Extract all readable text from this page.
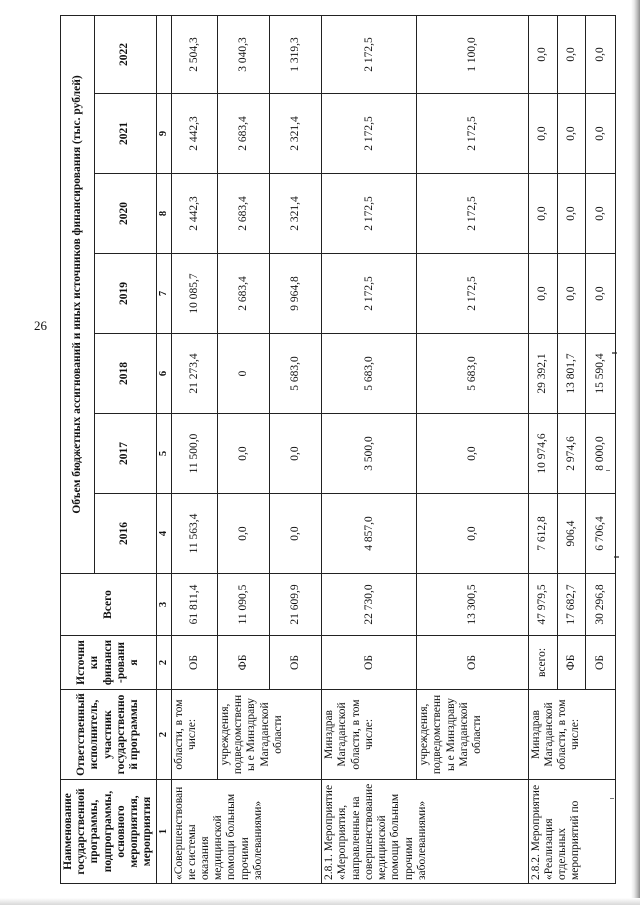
26
Наименование государственной программы, подпрограммы, основного мероприятия, мероприятия	Ответственный исполнитель, участник государственной программы	Источники финанси-рования	Всего	Объем бюджетных ассигнований и иных источников финансирования (тыс. рублей)						
				2016	2017	2018	2019	2020	2021	2022
1	2	2	3	4	5	6	7	8	9	
«Совершенствование системы оказания медицинской помощи больным прочими заболеваниями»	области, в том числе:	ОБ	61 811,4	11 563,4	11 500,0	21 273,4	10 085,7	2 442,3	2 442,3	2 504,3
	учреждения, подведомственны е Минздраву Магаданской области	ФБ	11 090,5	0,0	0,0	0	2 683,4	2 683,4	2 683,4	3 040,3
		ОБ	21 609,9	0,0	0,0	5 683,0	9 964,8	2 321,4	2 321,4	1 319,3
2.8.1. Мероприятие «Мероприятия, направленные на совершенствование медицинской помощи больным прочими заболеваниями»	Минздрав Магаданской области, в том числе:	ОБ	22 730,0	4 857,0	3 500,0	5 683,0	2 172,5	2 172,5	2 172,5	2 172,5
	учреждения, подведомственны е Минздраву Магаданской области	ОБ	13 300,5	0,0	0,0	5 683,0	2 172,5	2 172,5	2 172,5	1 100,0
2.8.2. Мероприятие «Реализация отдельных мероприятий по	Минздрав Магаданской области, в том числе:	всего:	47 979,5	7 612,8	10 974,6	29 392,1	0,0	0,0	0,0	0,0
		ФБ	17 682,7	906,4	2 974,6	13 801,7	0,0	0,0	0,0	0,0
		ОБ	30 296,8	6 706,4	8 000,0	15 590,4	0,0	0,0	0,0	0,0
